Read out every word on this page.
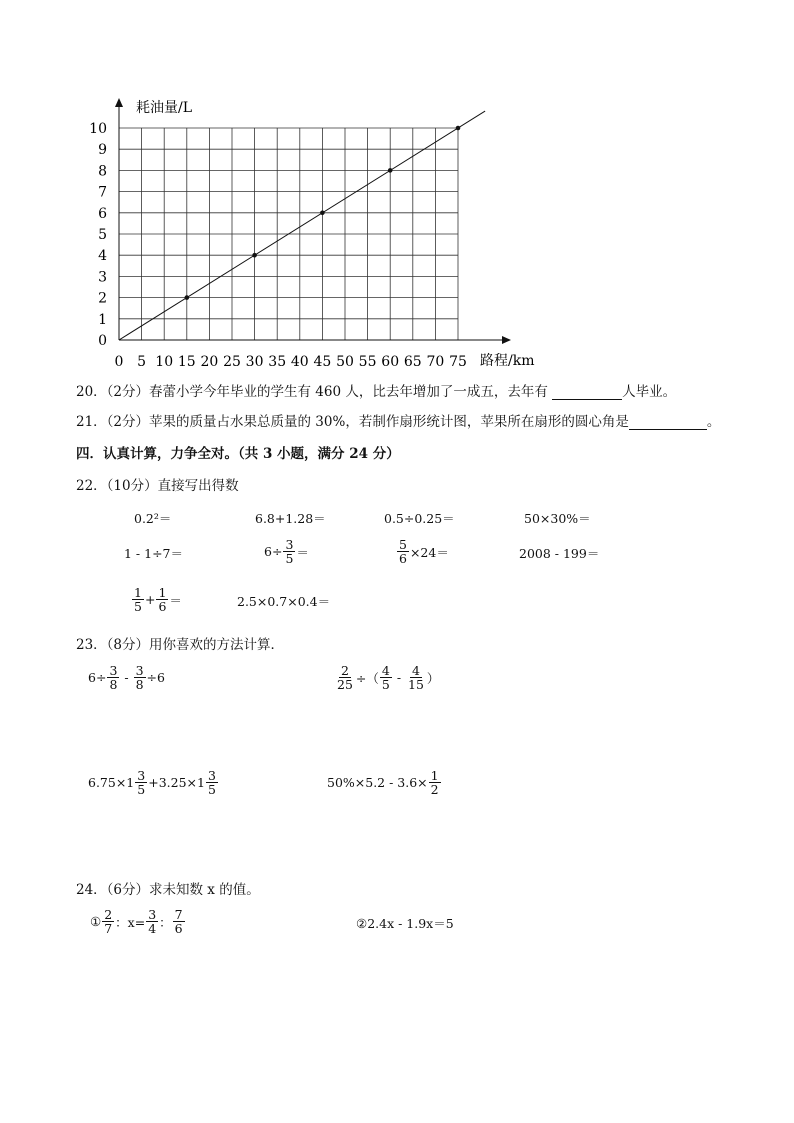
0 5 10 15 20 25 30 35 40 45 50 55 60 65 70 75
0
1
2
3
4
5
6
7
8
9
10
耗油量/L
路程/km
20．（2分）春蕾小学今年毕业的学生有 460 人，比去年增加了一成五，去年有	人毕业。
21．（2分）苹果的质量占水果总质量的 30%，若制作扇形统计图，苹果所在扇形的圆心角是	。
四．认真计算，力争全对。（共 3 小题，满分 24 分）
22．（10分）直接写出得数
0.2²＝	6.8+1.28＝	0.5÷0.25＝	50×30%＝
1 - 1÷7＝	$6\div \frac{3}{5}$ ＝	$\frac{5}{6} \times 24=$	2008 - 199＝
$\frac{1}{5} + \frac{1}{6}$ ＝	2.5×0.7×0.4＝
23．（8分）用你喜欢的方法计算．
$6\div \frac{3}{8} - \frac{3}{8} \div 6$	$\frac{2}{25}$ ÷（ $\frac{4}{5} - \frac{4}{15}$ ）
$6.75\times 1 \frac{3}{5} +3.25\times 1 \frac{3}{5}$	$50\%\times 5.2 - 3.6\times \frac{1}{2}$
24．（6分）求未知数 x 的值。
① $\frac{2}{7}$ ：$x= \frac{3}{4}$ ： $\frac{7}{6}$	②2.4x - 1.9x＝5
